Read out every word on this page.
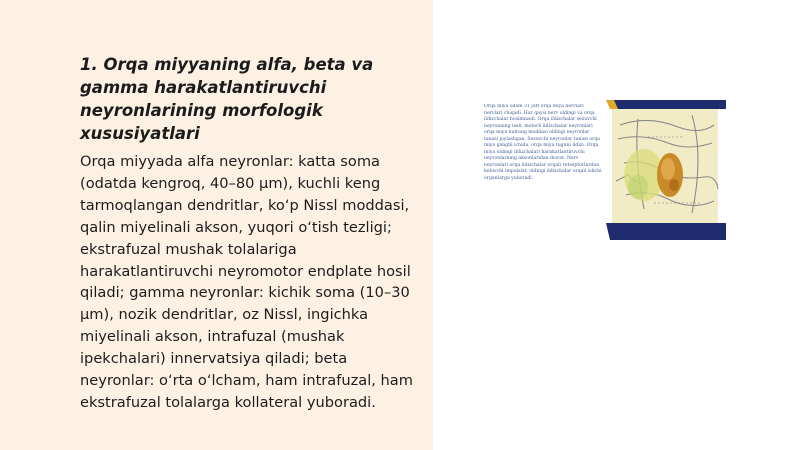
1. Orqa miyyaning alfa, beta va gamma harakatlantiruvchi neyronlarining morfologik xususiyatlari

Orqa miyyada alfa neyronlar: katta soma (odatda kengroq, 40–80 µm), kuchli keng tarmoqlangan dendritlar, ko‘p Nissl moddasi, qalin miyelinali akson, yuqori o‘tish tezligi; ekstrafuzal mushak tolalariga harakatlantiruvchi neyromotor endplate hosil qiladi; gamma neyronlar: kichik soma (10–30 µm), nozik dendritlar, oz Nissl, ingichka miyelinali akson, intrafuzal (mushak ipekchalari) innervatsiya qiladi; beta neyronlar: o‘rta o‘lcham, ham intrafuzal, ham ekstrafuzal tolalarga kollateral yuboradi.

Orqa miya odam 31 juft orqa miya nervlari nervlari chiqadi. Har qaysi nerv oldingi va orqa ildizchalar bosilmasdi. Orqa ildizchalar sezuvchi neyronning iseli, motorli ildizchalar neyronlari orqa miya kulrang moddasi oldingi neyronlar tanasi joylashgan. Sezuvchi neyronlar tanasi orqa miya ganglii ichida, orqa miya tuguni ildizi. Orqa miya oldingi ildizchalari harakatlantiruvchi neyronlarning aksonlaridan iborat. Nerv neyronlari orqa ildizchalar orqali retseptorlardan keluvchi impulslar, oldingi ildizchalar orqali ishchi organlarga yuboradi.
